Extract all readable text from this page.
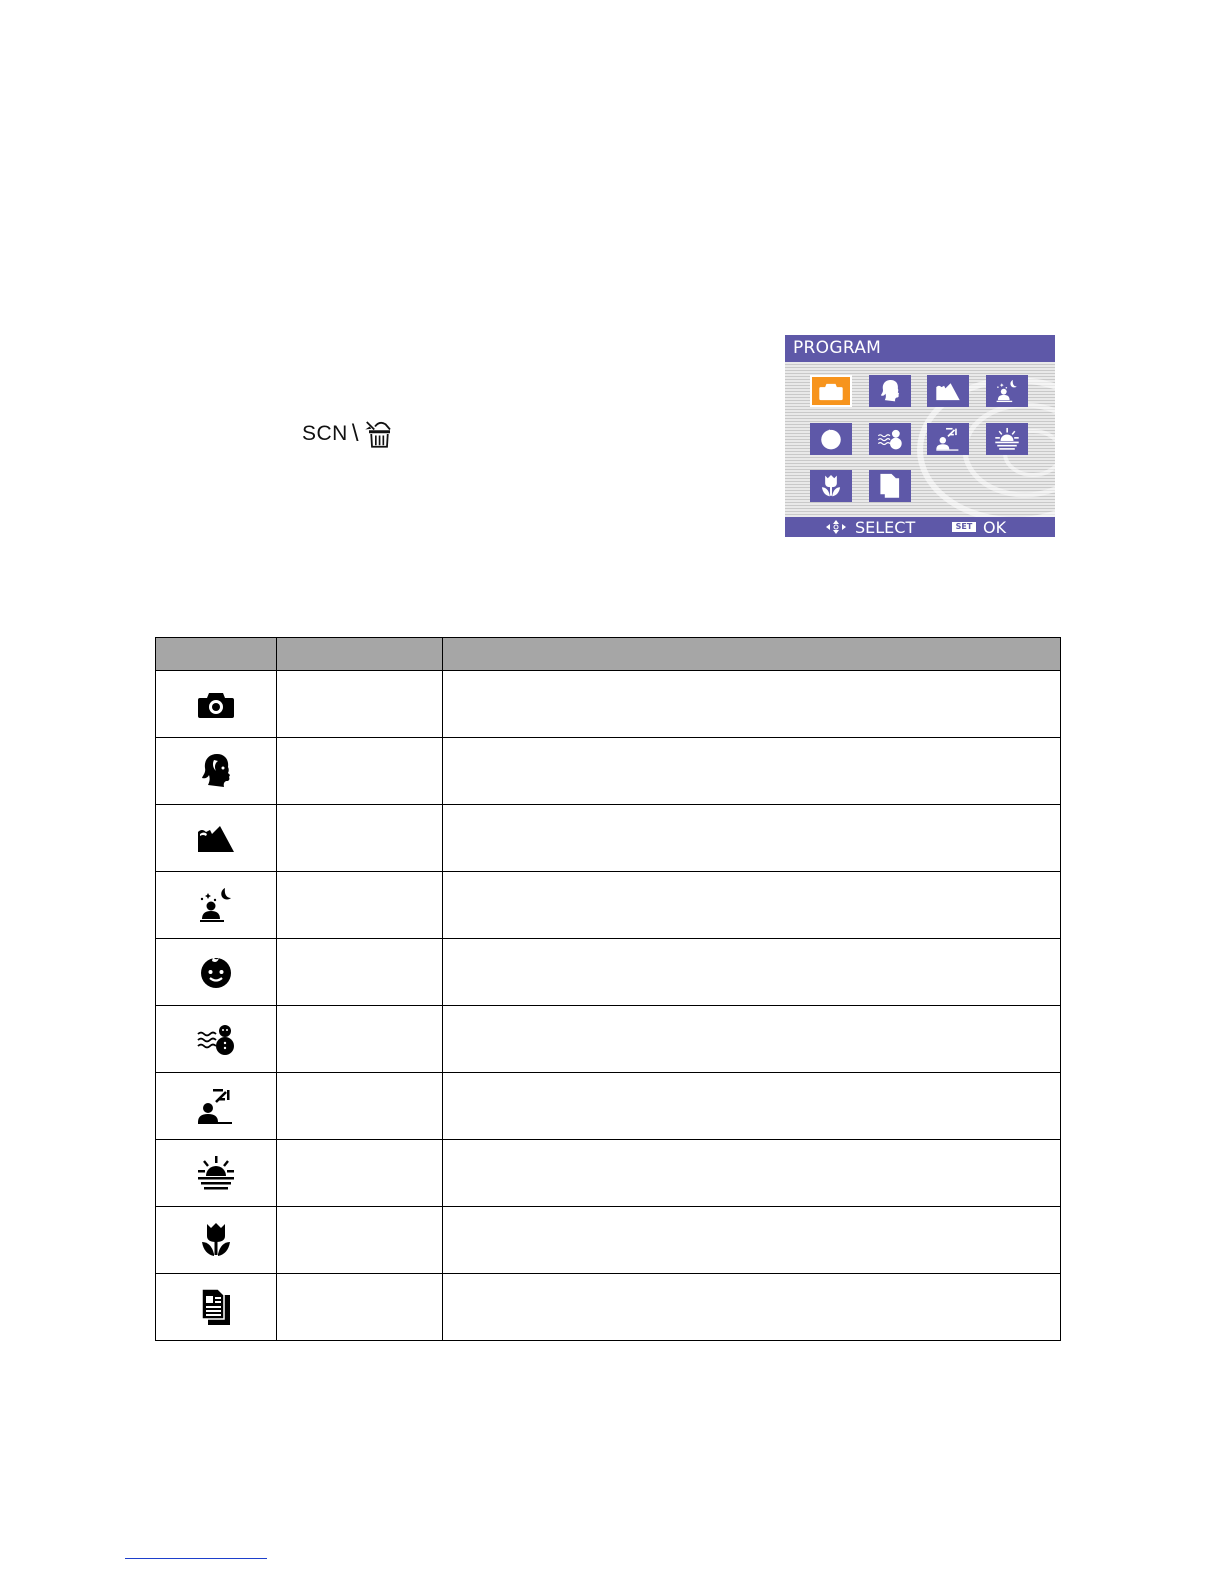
SCN \
PROGRAM
SELECT	SET OK
